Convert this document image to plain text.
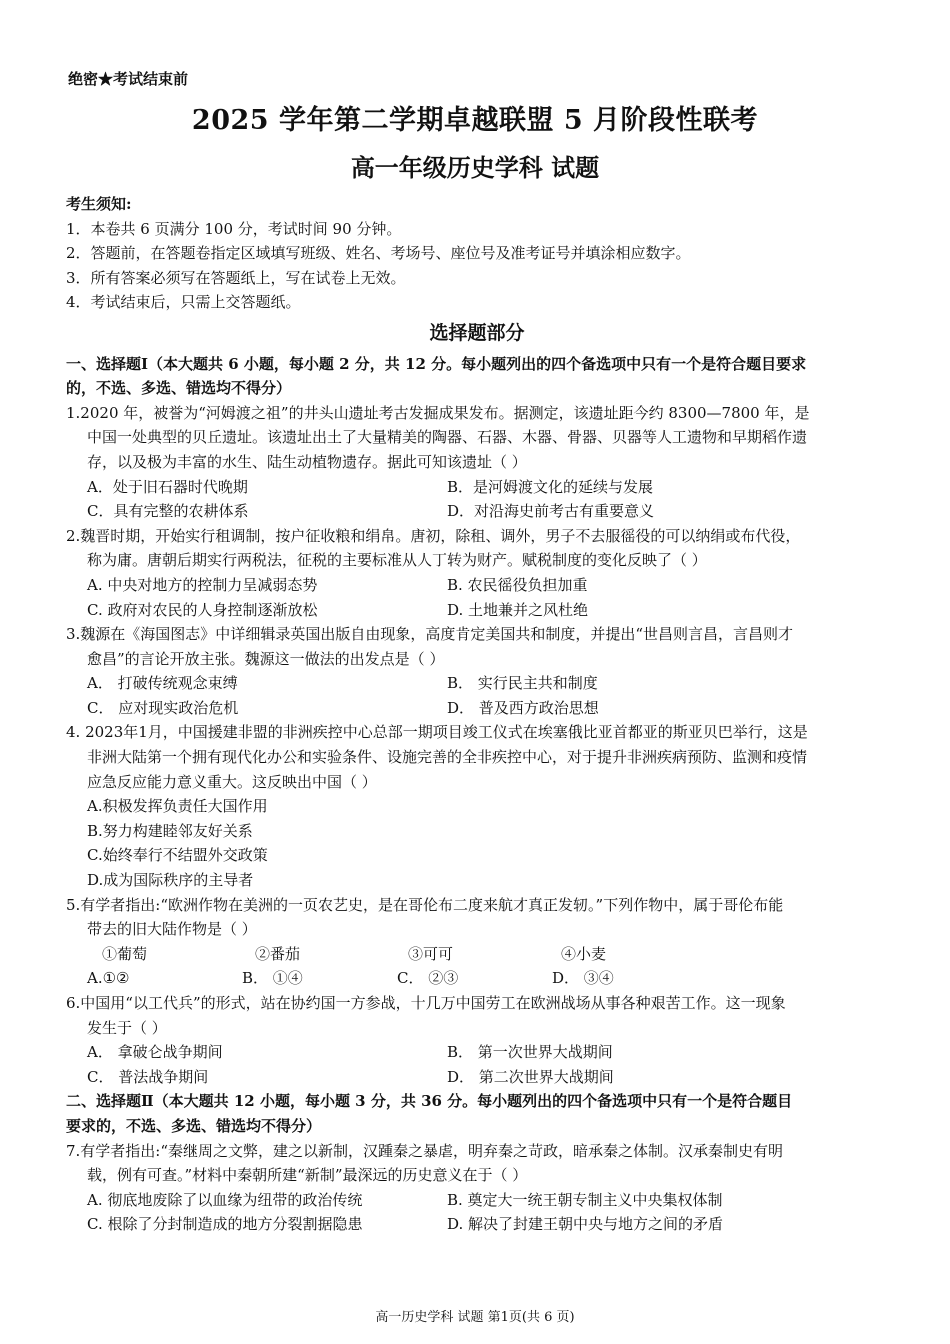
绝密★考试结束前
2025 学年第二学期卓越联盟 5 月阶段性联考
高一年级历史学科 试题
考生须知:
1．本卷共 6 页满分 100 分，考试时间 90 分钟。
2．答题前，在答题卷指定区域填写班级、姓名、考场号、座位号及准考证号并填涂相应数字。
3．所有答案必须写在答题纸上，写在试卷上无效。
4．考试结束后，只需上交答题纸。
选择题部分
一、选择题Ⅰ（本大题共 6 小题，每小题 2 分，共 12 分。每小题列出的四个备选项中只有一个是符合题目要求
的，不选、多选、错选均不得分）
1.2020 年，被誉为“河姆渡之祖”的井头山遗址考古发掘成果发布。据测定，该遗址距今约 8300—7800 年，是
中国一处典型的贝丘遗址。该遗址出土了大量精美的陶器、石器、木器、骨器、贝器等人工遗物和早期稻作遗
存，以及极为丰富的水生、陆生动植物遗存。据此可知该遗址（ ）
A．处于旧石器时代晚期	B．是河姆渡文化的延续与发展
C．具有完整的农耕体系	D．对沿海史前考古有重要意义
2.魏晋时期，开始实行租调制，按户征收粮和绢帛。唐初，除租、调外，男子不去服徭役的可以纳绢或布代役，
称为庸。唐朝后期实行两税法，征税的主要标准从人丁转为财产。赋税制度的变化反映了（ ）
A. 中央对地方的控制力呈减弱态势	B. 农民徭役负担加重
C. 政府对农民的人身控制逐渐放松	D. 土地兼并之风杜绝
3.魏源在《海国图志》中详细辑录英国出版自由现象，高度肯定美国共和制度，并提出“世昌则言昌，言昌则才
愈昌”的言论开放主张。魏源这一做法的出发点是（ ）
A． 打破传统观念束缚	B． 实行民主共和制度
C． 应对现实政治危机	D． 普及西方政治思想
4. 2023年1月，中国援建非盟的非洲疾控中心总部一期项目竣工仪式在埃塞俄比亚首都亚的斯亚贝巴举行，这是
非洲大陆第一个拥有现代化办公和实验条件、设施完善的全非疾控中心，对于提升非洲疾病预防、监测和疫情
应急反应能力意义重大。这反映出中国（ ）
A.积极发挥负责任大国作用
B.努力构建睦邻友好关系
C.始终奉行不结盟外交政策
D.成为国际秩序的主导者
5.有学者指出:“欧洲作物在美洲的一页农艺史，是在哥伦布二度来航才真正发轫。”下列作物中，属于哥伦布能
带去的旧大陆作物是（ ）
①葡萄	②番茄	③可可	④小麦
A.①②	B． ①④	C． ②③	D． ③④
6.中国用“以工代兵”的形式，站在协约国一方参战，十几万中国劳工在欧洲战场从事各种艰苦工作。这一现象
发生于（ ）
A． 拿破仑战争期间	B． 第一次世界大战期间
C． 普法战争期间	D． 第二次世界大战期间
二、选择题Ⅱ（本大题共 12 小题，每小题 3 分，共 36 分。每小题列出的四个备选项中只有一个是符合题目
要求的，不选、多选、错选均不得分）
7.有学者指出:“秦继周之文弊，建之以新制，汉踵秦之暴虐，明弃秦之苛政，暗承秦之体制。汉承秦制史有明
载，例有可查。”材料中秦朝所建“新制”最深远的历史意义在于（ ）
A. 彻底地废除了以血缘为纽带的政治传统	B. 奠定大一统王朝专制主义中央集权体制
C. 根除了分封制造成的地方分裂割据隐患	D. 解决了封建王朝中央与地方之间的矛盾
高一历史学科 试题 第1页(共 6 页)
